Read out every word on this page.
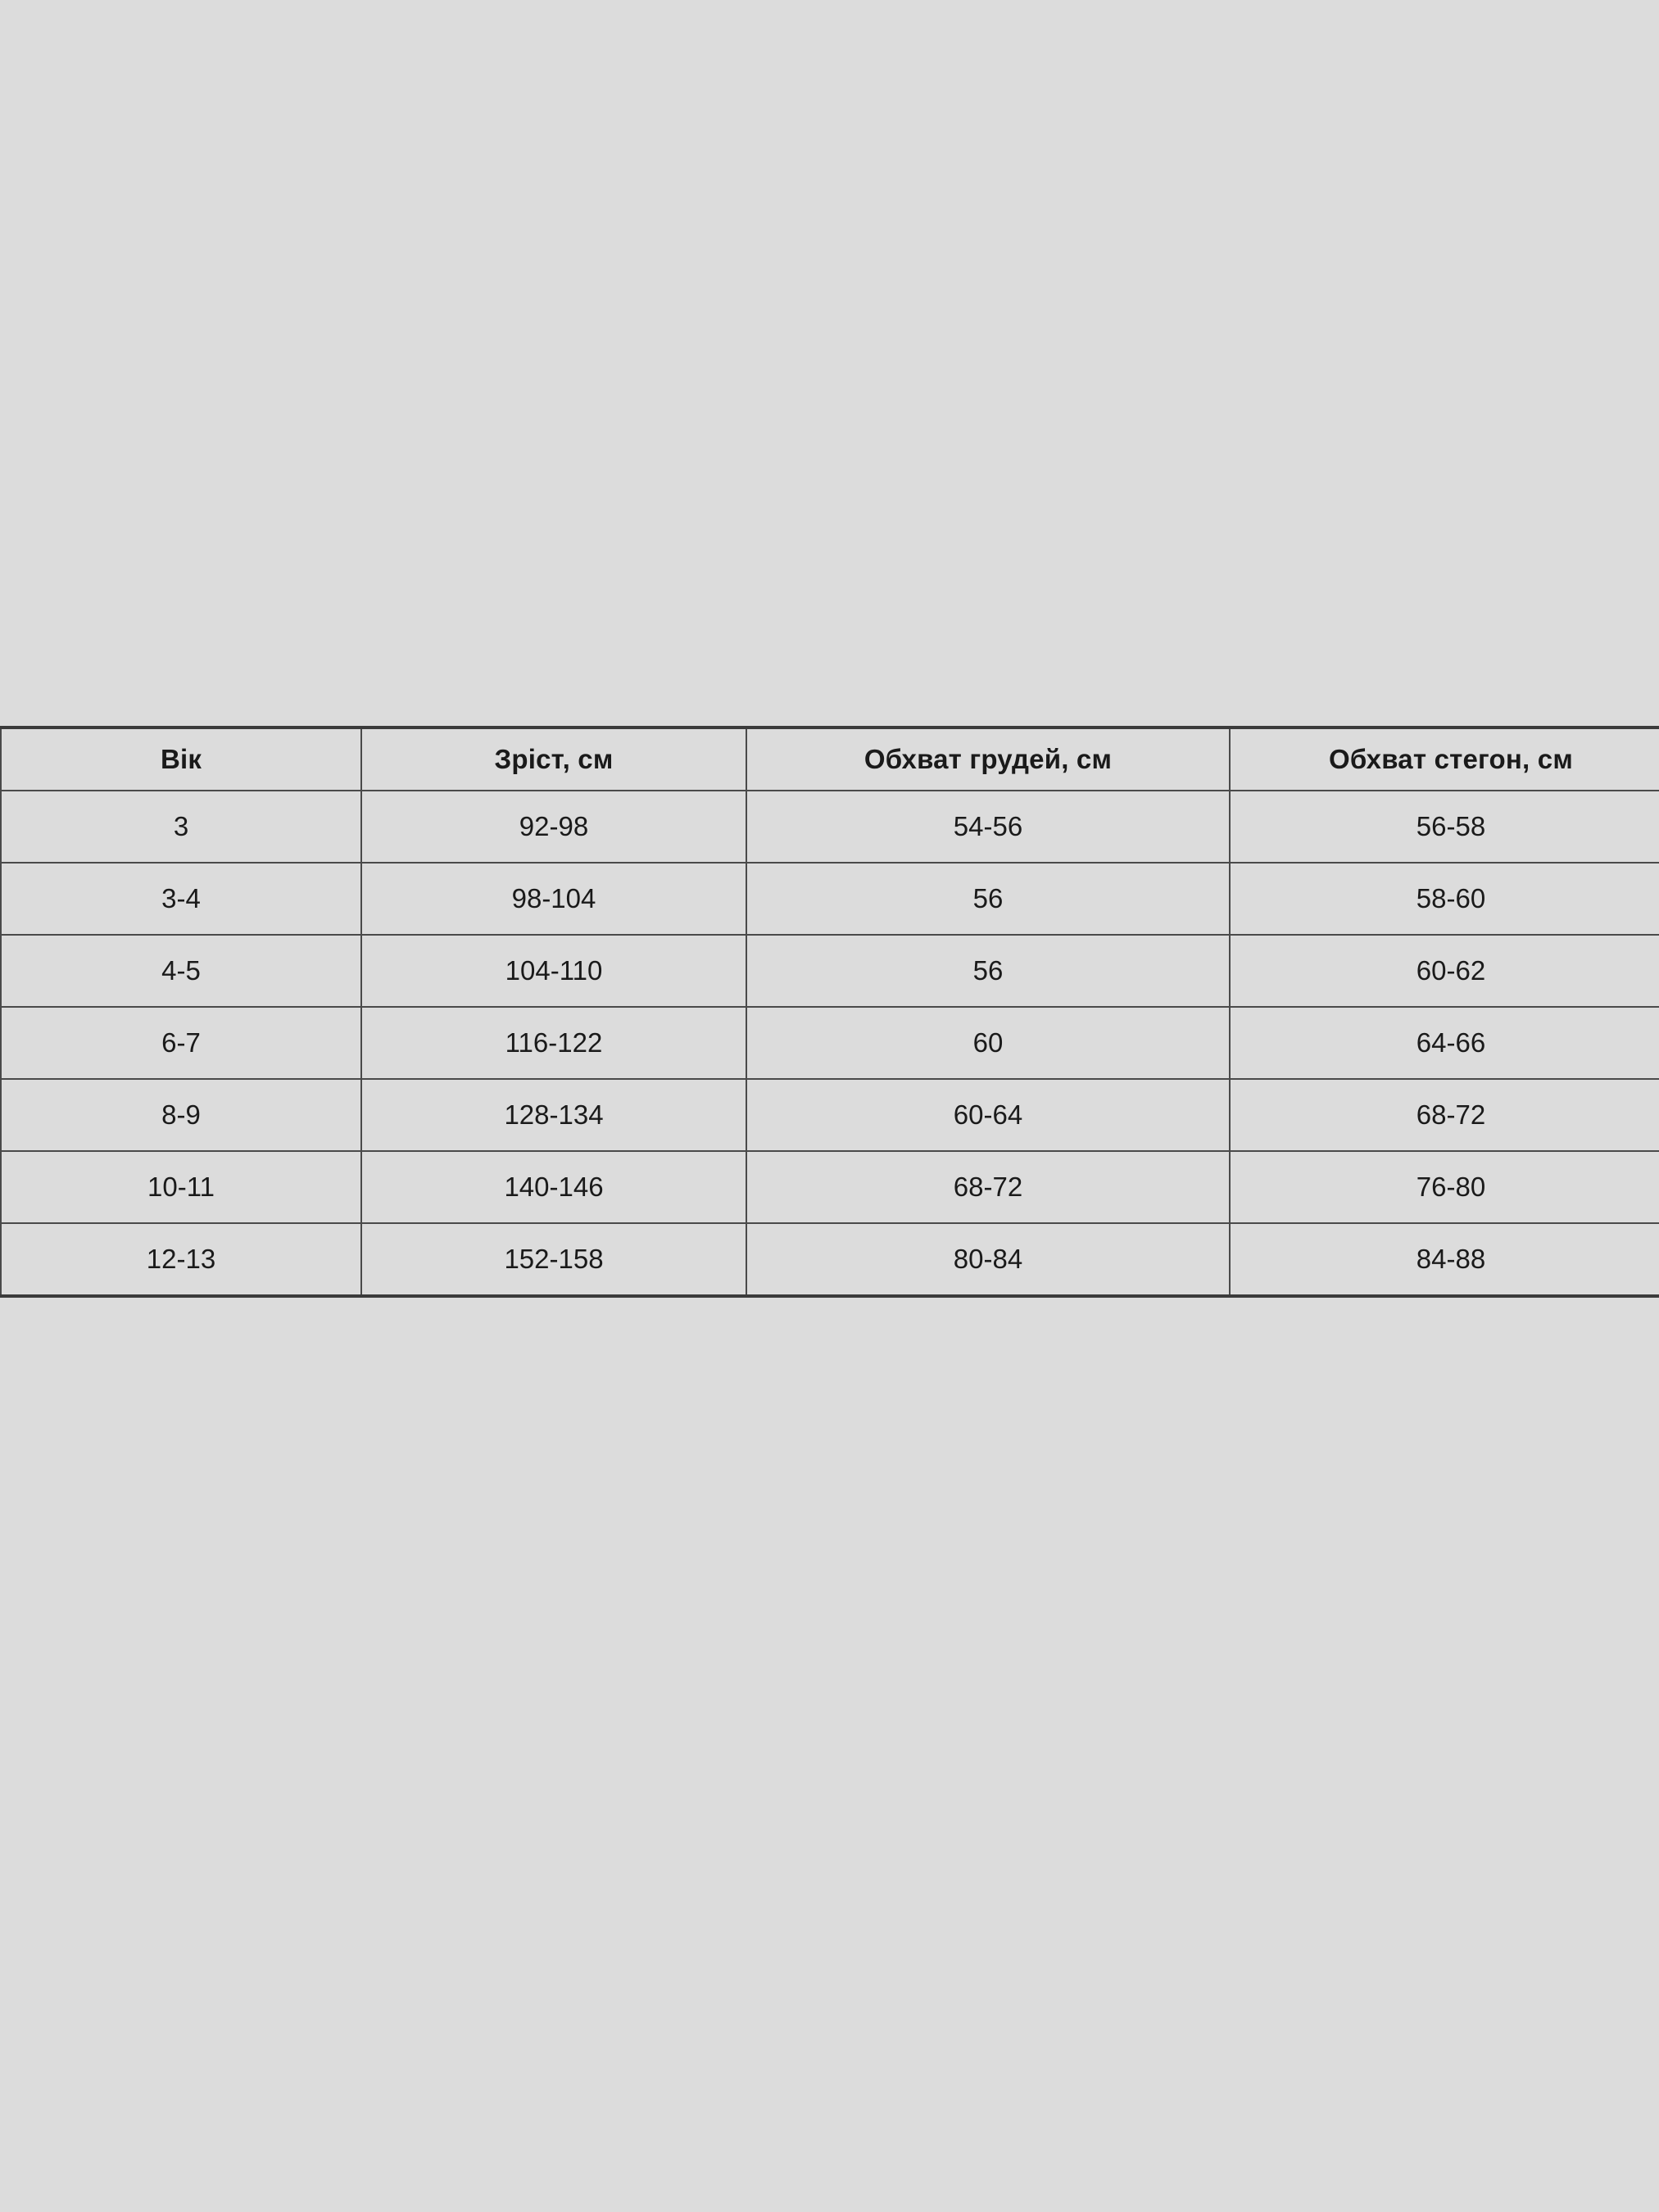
Вік	Зріст, см	Обхват грудей, см	Обхват стегон, см
3	92-98	54-56	56-58
3-4	98-104	56	58-60
4-5	104-110	56	60-62
6-7	116-122	60	64-66
8-9	128-134	60-64	68-72
10-11	140-146	68-72	76-80
12-13	152-158	80-84	84-88
